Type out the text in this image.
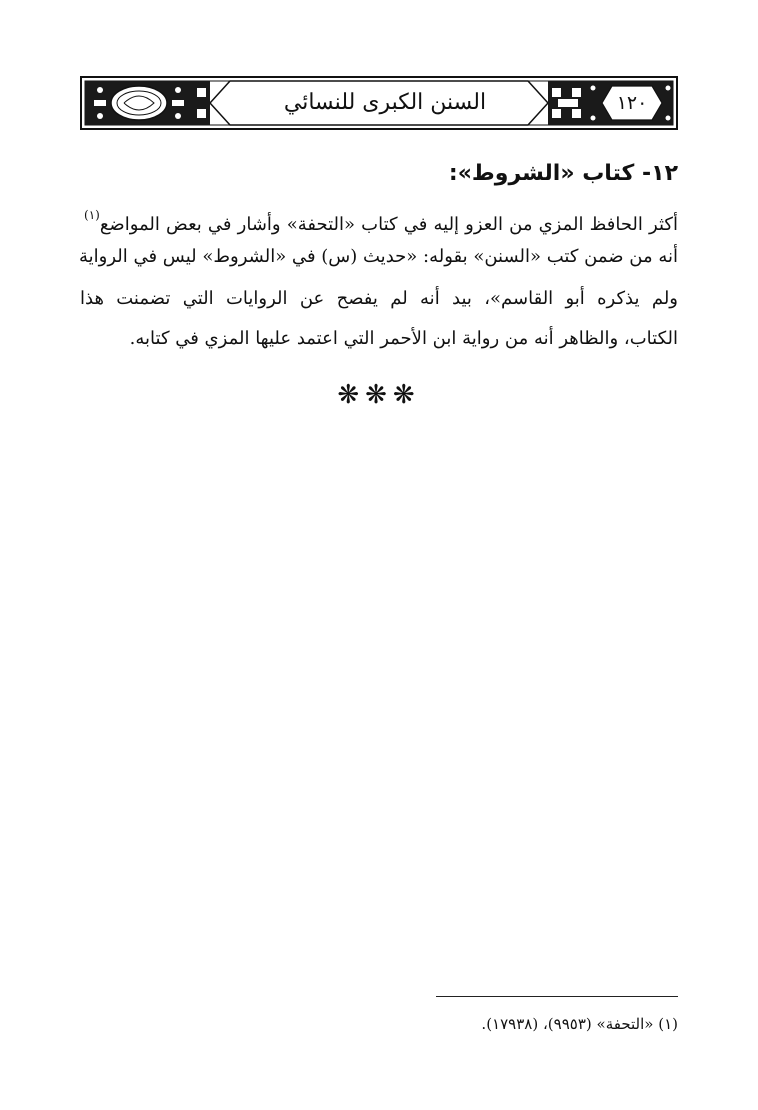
السنن الكبرى للنسائي	١٢٠
١٢- كتاب «الشروط»:
أكثر الحافظ المزي من العزو إليه في كتاب «التحفة» وأشار في بعض المواضع$^{(١)}$
أنه من ضمن كتب «السنن» بقوله: «حديث (س) في «الشروط» ليس في الرواية
ولم يذكره أبو القاسم»، بيد أنه لم يفصح عن الروايات التي تضمنت هذا
الكتاب، والظاهر أنه من رواية ابن الأحمر التي اعتمد عليها المزي في كتابه.
❋❋❋
(١) «التحفة» (٩٩٥٣)، (١٧٩٣٨).
